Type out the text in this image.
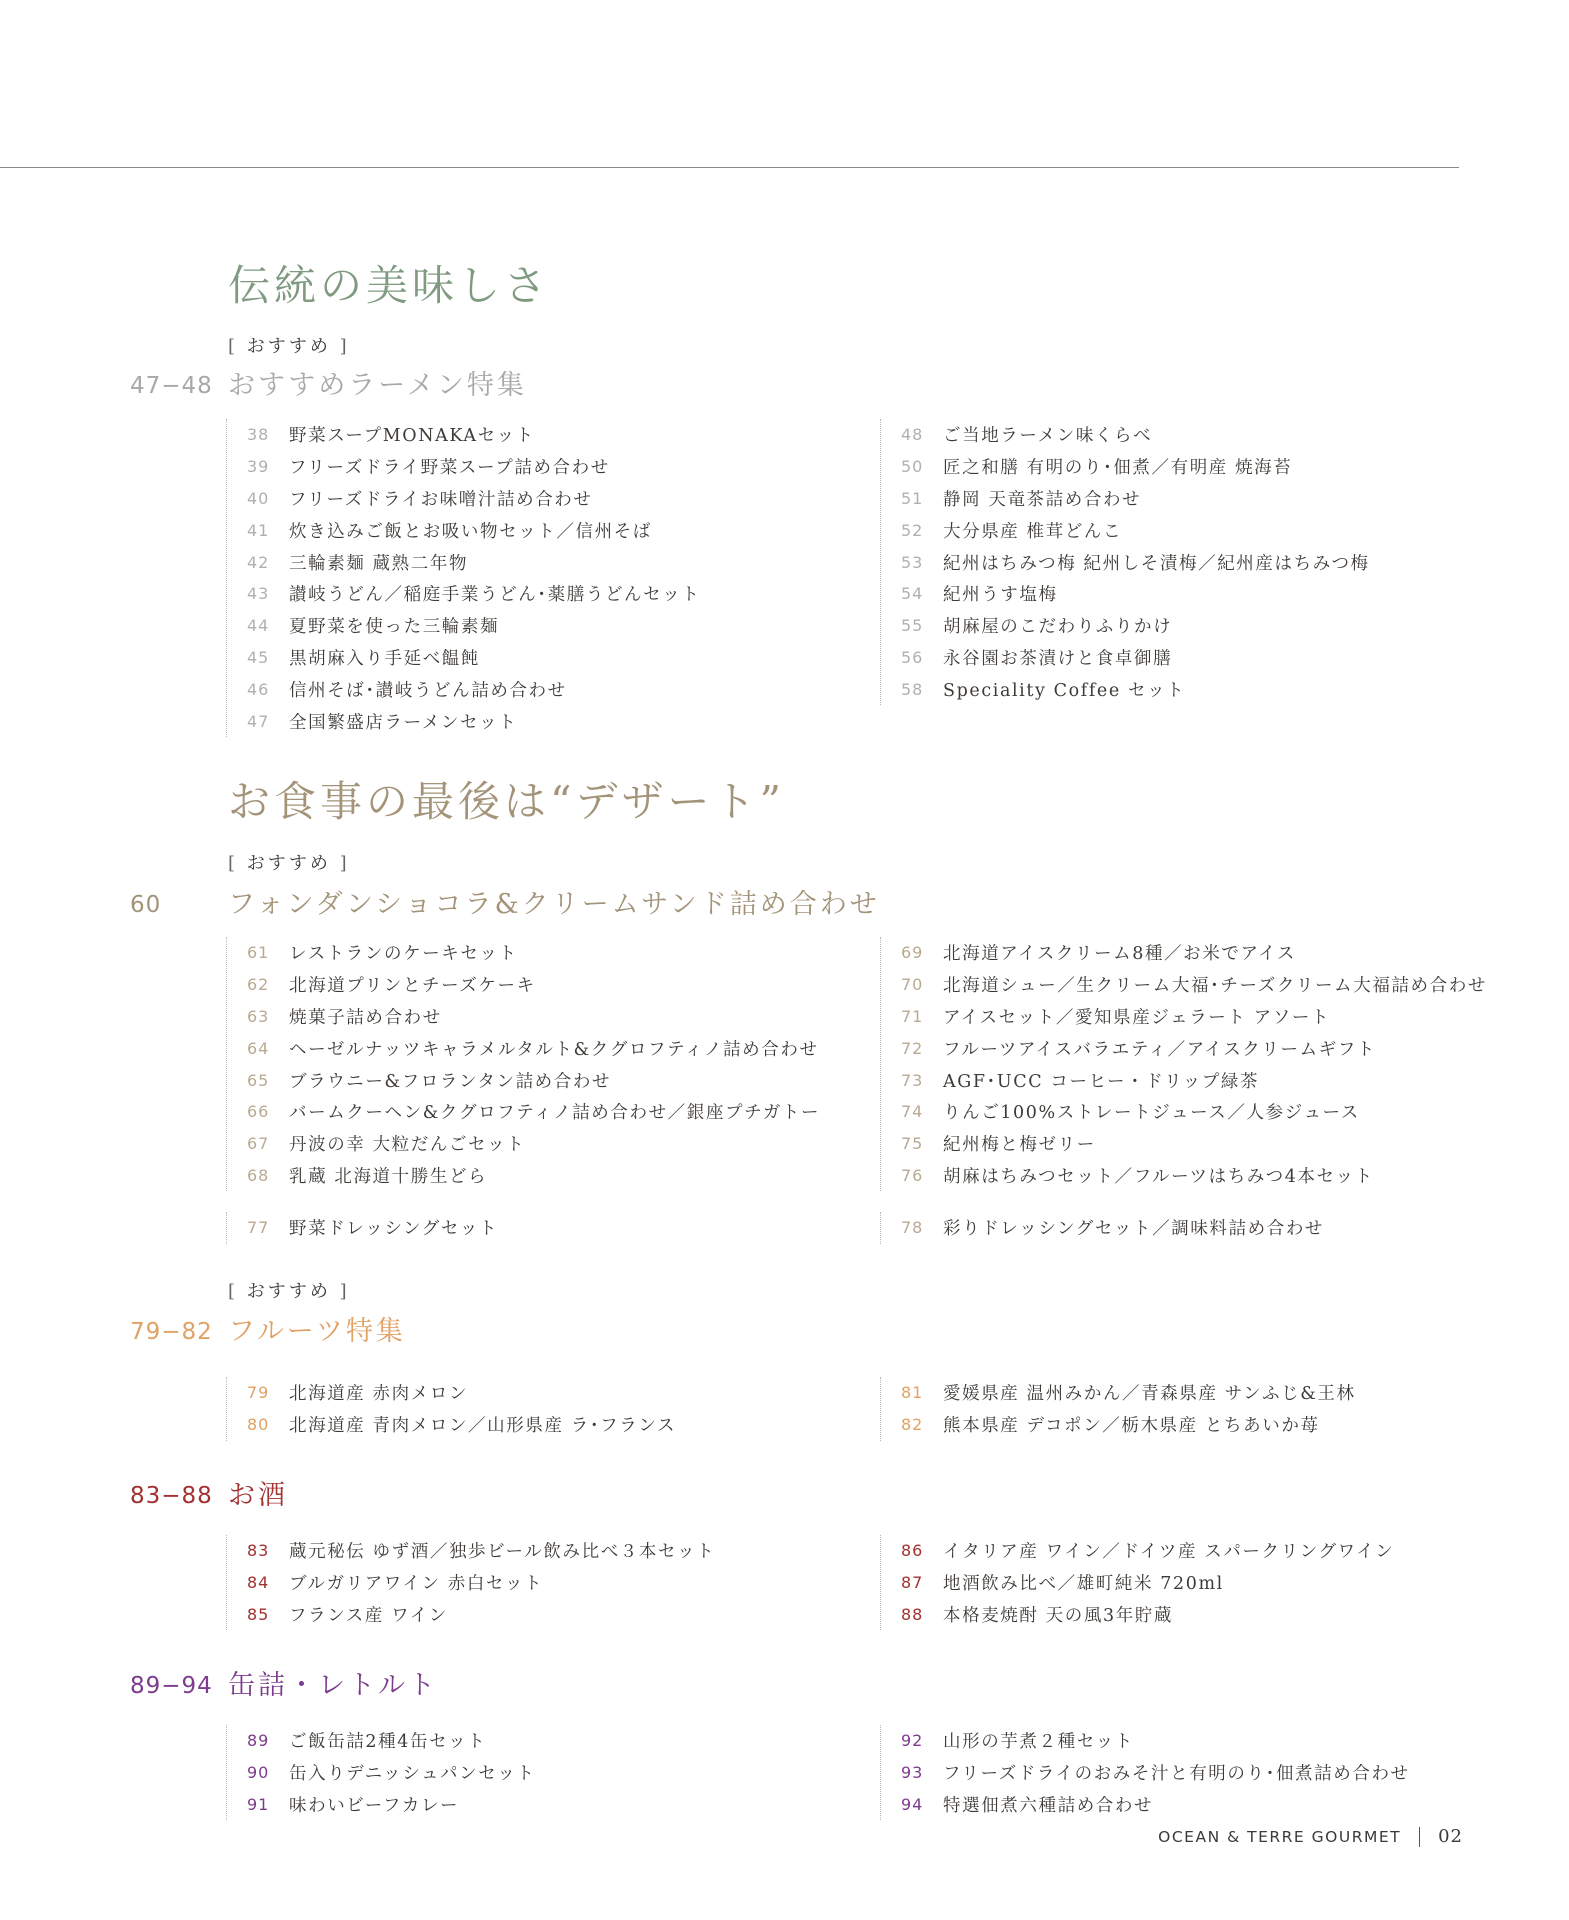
伝統の美味しさ
[ おすすめ ]
47−48 おすすめラーメン特集
38	野菜スープMONAKAセット
39	フリーズドライ野菜スープ詰め合わせ
40	フリーズドライお味噌汁詰め合わせ
41	炊き込みご飯とお吸い物セット／信州そば
42	三輪素麺 蔵熟二年物
43	讃岐うどん／稲庭手業うどん･薬膳うどんセット
44	夏野菜を使った三輪素麺
45	黒胡麻入り手延べ饂飩
46	信州そば･讃岐うどん詰め合わせ
47	全国繁盛店ラーメンセット
48	ご当地ラーメン味くらべ
50	匠之和膳 有明のり･佃煮／有明産 焼海苔
51	静岡 天竜茶詰め合わせ
52	大分県産 椎茸どんこ
53	紀州はちみつ梅 紀州しそ漬梅／紀州産はちみつ梅
54	紀州うす塩梅
55	胡麻屋のこだわりふりかけ
56	永谷園お茶漬けと食卓御膳
58	Speciality Coffee セット
お食事の最後は“デザート”
[ おすすめ ]
60 フォンダンショコラ&クリームサンド詰め合わせ
61	レストランのケーキセット
62	北海道プリンとチーズケーキ
63	焼菓子詰め合わせ
64	ヘーゼルナッツキャラメルタルト&クグロフティノ詰め合わせ
65	ブラウニー&フロランタン詰め合わせ
66	バームクーヘン&クグロフティノ詰め合わせ／銀座プチガトー
67	丹波の幸 大粒だんごセット
68	乳蔵 北海道十勝生どら
69	北海道アイスクリーム8種／お米でアイス
70	北海道シュー／生クリーム大福･チーズクリーム大福詰め合わせ
71	アイスセット／愛知県産ジェラート アソート
72	フルーツアイスバラエティ／アイスクリームギフト
73	AGF･UCC コーヒー・ドリップ緑茶
74	りんご100%ストレートジュース／人参ジュース
75	紀州梅と梅ゼリー
76	胡麻はちみつセット／フルーツはちみつ4本セット
77	野菜ドレッシングセット	78	彩りドレッシングセット／調味料詰め合わせ
[ おすすめ ]
79−82 フルーツ特集
79	北海道産 赤肉メロン
80	北海道産 青肉メロン／山形県産 ラ･フランス
81	愛媛県産 温州みかん／青森県産 サンふじ&王林
82	熊本県産 デコポン／栃木県産 とちあいか苺
83−88 お酒
83	蔵元秘伝 ゆず酒／独歩ビール飲み比べ３本セット
84	ブルガリアワイン 赤白セット
85	フランス産 ワイン
86	イタリア産 ワイン／ドイツ産 スパークリングワイン
87	地酒飲み比べ／雄町純米 720ml
88	本格麦焼酎 天の風3年貯蔵
89−94 缶詰・レトルト
89	ご飯缶詰2種4缶セット
90	缶入りデニッシュパンセット
91	味わいビーフカレー
92	山形の芋煮２種セット
93	フリーズドライのおみそ汁と有明のり･佃煮詰め合わせ
94	特選佃煮六種詰め合わせ
OCEAN & TERRE GOURMET 02
